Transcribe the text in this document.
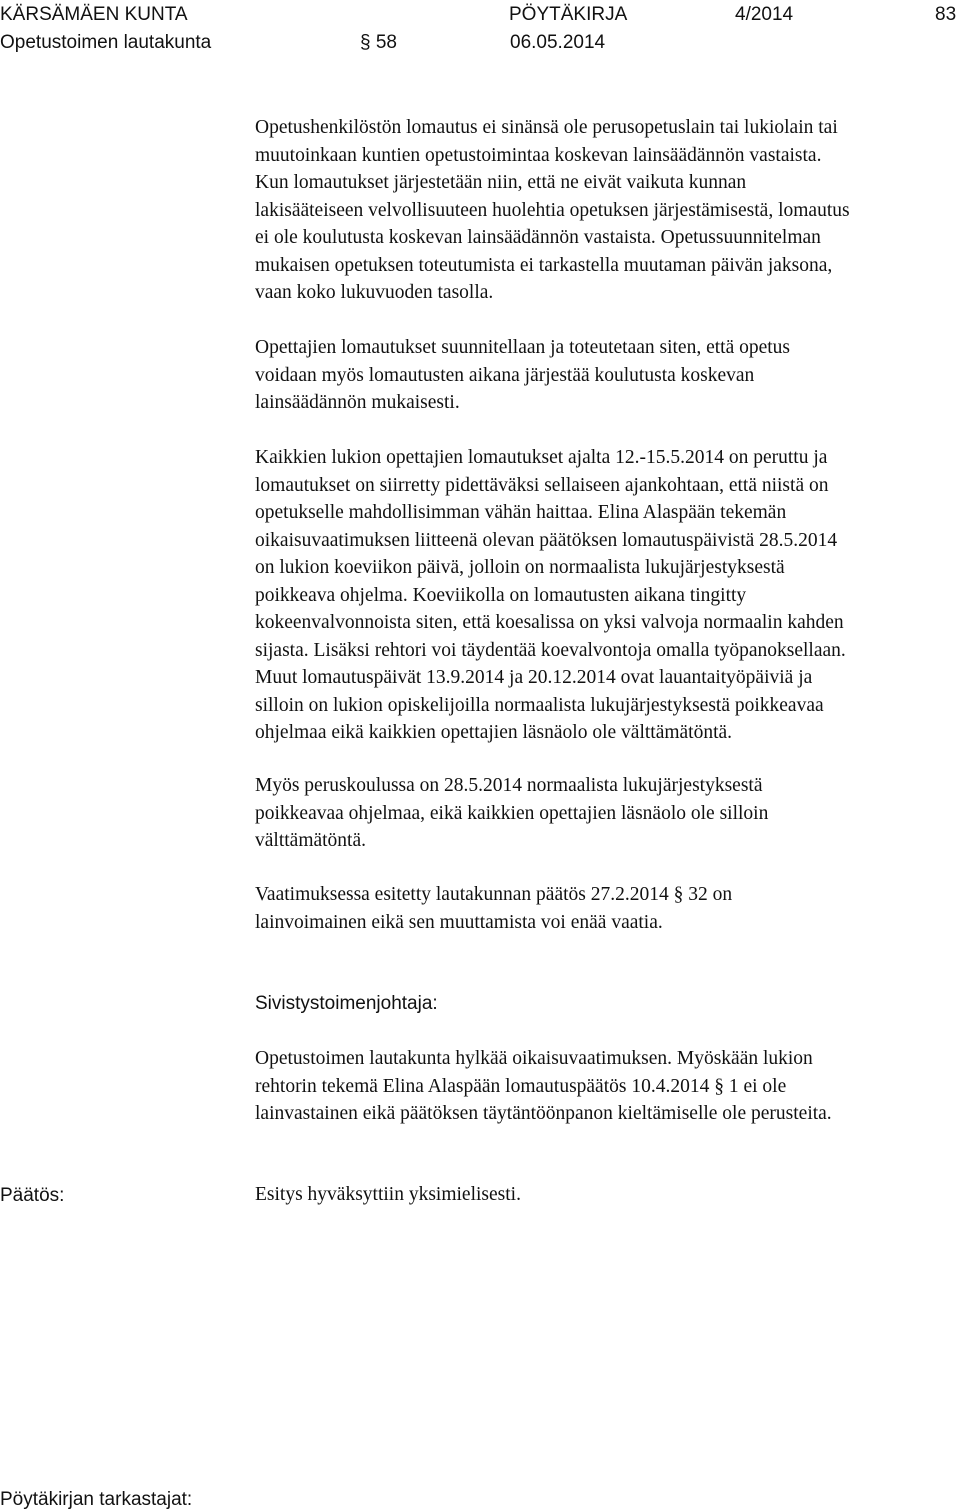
KÄRSÄMÄEN KUNTA	PÖYTÄKIRJA	4/2014	83
Opetustoimen lautakunta	§ 58	06.05.2014

Opetushenkilöstön lomautus ei sinänsä ole perusopetuslain tai lukiolain tai
muutoinkaan kuntien opetustoimintaa koskevan lainsäädännön vastaista.
Kun lomautukset järjestetään niin, että ne eivät vaikuta kunnan
lakisääteiseen velvollisuuteen huolehtia opetuksen järjestämisestä, lomautus
ei ole koulutusta koskevan lainsäädännön vastaista. Opetussuunnitelman
mukaisen opetuksen toteutumista ei tarkastella muutaman päivän jaksona,
vaan koko lukuvuoden tasolla.

Opettajien lomautukset suunnitellaan ja toteutetaan siten, että opetus
voidaan myös lomautusten aikana järjestää koulutusta koskevan
lainsäädännön mukaisesti.

Kaikkien lukion opettajien lomautukset ajalta 12.-15.5.2014 on peruttu ja
lomautukset on siirretty pidettäväksi sellaiseen ajankohtaan, että niistä on
opetukselle mahdollisimman vähän haittaa. Elina Alaspään tekemän
oikaisuvaatimuksen liitteenä olevan päätöksen lomautuspäivistä 28.5.2014
on lukion koeviikon päivä, jolloin on normaalista lukujärjestyksestä
poikkeava ohjelma. Koeviikolla on lomautusten aikana tingitty
kokeenvalvonnoista siten, että koesalissa on yksi valvoja normaalin kahden
sijasta. Lisäksi rehtori voi täydentää koevalvontoja omalla työpanoksellaan.
Muut lomautuspäivät 13.9.2014 ja 20.12.2014 ovat lauantaityöpäiviä ja
silloin on lukion opiskelijoilla normaalista lukujärjestyksestä poikkeavaa
ohjelmaa eikä kaikkien opettajien läsnäolo ole välttämätöntä.

Myös peruskoulussa on 28.5.2014 normaalista lukujärjestyksestä
poikkeavaa ohjelmaa, eikä kaikkien opettajien läsnäolo ole silloin
välttämätöntä.

Vaatimuksessa esitetty lautakunnan päätös 27.2.2014 § 32 on
lainvoimainen eikä sen muuttamista voi enää vaatia.

Sivistystoimenjohtaja:

Opetustoimen lautakunta hylkää oikaisuvaatimuksen. Myöskään lukion
rehtorin tekemä Elina Alaspään lomautuspäätös 10.4.2014 § 1 ei ole
lainvastainen eikä päätöksen täytäntöönpanon kieltämiselle ole perusteita.

Päätös:	Esitys hyväksyttiin yksimielisesti.
Pöytäkirjan tarkastajat:
